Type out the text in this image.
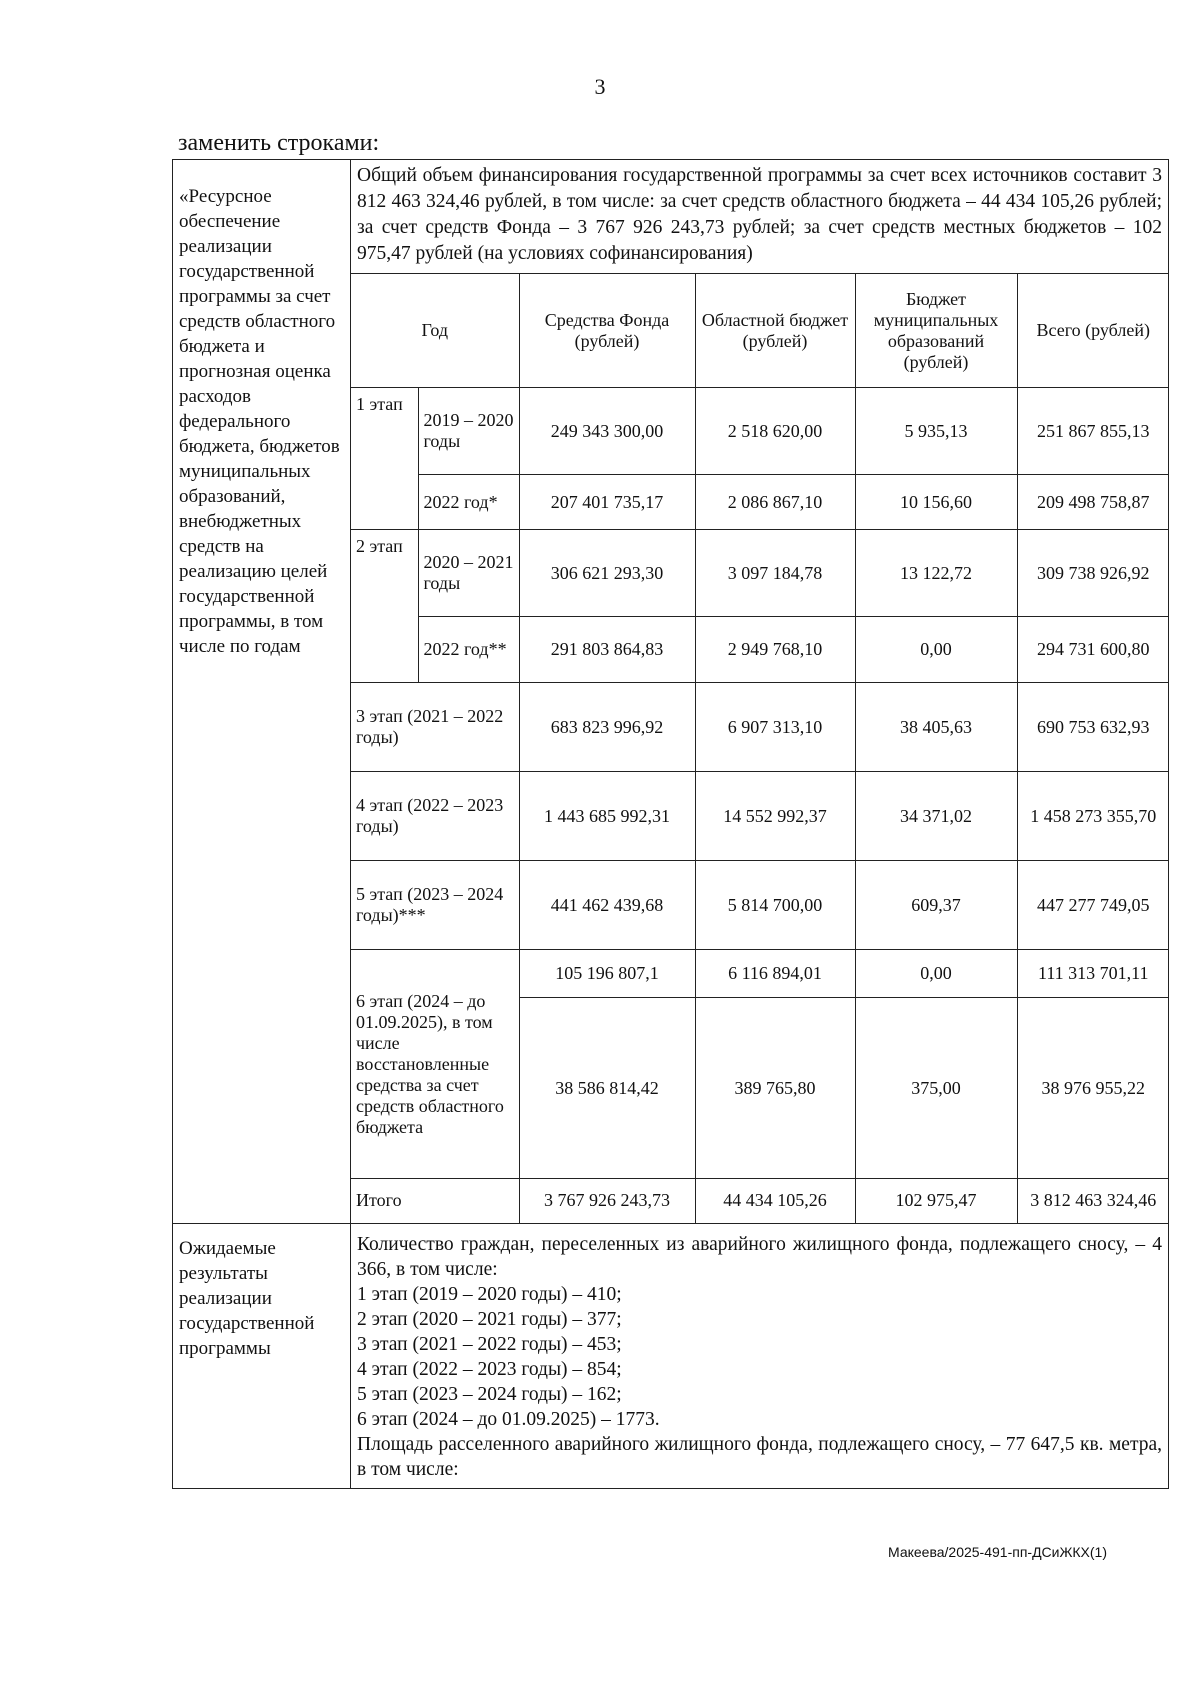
3
заменить строками:
«Ресурсное обеспечение реализации государственной программы за счет средств областного бюджета и прогнозная оценка расходов федерального бюджета, бюджетов муниципальных образований, внебюджетных средств на реализацию целей государственной программы, в том числе по годам	
Общий объем финансирования государственной программы за счет всех источников составит 3 812 463 324,46 рублей, в том числе: за счет средств областного бюджета – 44 434 105,26 рублей; за счет средств Фонда – 3 767 926 243,73 рублей; за счет средств местных бюджетов – 102 975,47 рублей (на условиях софинансирования)
Год	Средства Фонда (рублей)	Областной бюджет (рублей)	Бюджет муниципальных образований (рублей)	Всего (рублей)
1 этап	2019 – 2020 годы	249 343 300,00	2 518 620,00	5 935,13	251 867 855,13
2022 год*	207 401 735,17	2 086 867,10	10 156,60	209 498 758,87
2 этап	2020 – 2021 годы	306 621 293,30	3 097 184,78	13 122,72	309 738 926,92
2022 год**	291 803 864,83	2 949 768,10	0,00	294 731 600,80
3 этап (2021 – 2022 годы)	683 823 996,92	6 907 313,10	38 405,63	690 753 632,93
4 этап (2022 – 2023 годы)	1 443 685 992,31	14 552 992,37	34 371,02	1 458 273 355,70
5 этап (2023 – 2024 годы)***	441 462 439,68	5 814 700,00	609,37	447 277 749,05
6 этап (2024 – до 01.09.2025), в том числе восстановленные средства за счет средств областного бюджета	105 196 807,1	6 116 894,01	0,00	111 313 701,11
38 586 814,42	389 765,80	375,00	38 976 955,22
Итого	3 767 926 243,73	44 434 105,26	102 975,47	3 812 463 324,46

Ожидаемые результаты реализации государственной программы	
Количество граждан, переселенных из аварийного жилищного фонда, подлежащего сносу, – 4 366, в том числе:
1 этап (2019 – 2020 годы) – 410;
2 этап (2020 – 2021 годы) – 377;
3 этап (2021 – 2022 годы) – 453;
4 этап (2022 – 2023 годы) – 854;
5 этап (2023 – 2024 годы) – 162;
6 этап (2024 – до 01.09.2025) – 1773.
Площадь расселенного аварийного жилищного фонда, подлежащего сносу, – 77 647,5 кв. метра, в том числе:
Макеева/2025-491-пп-ДСиЖКХ(1)
